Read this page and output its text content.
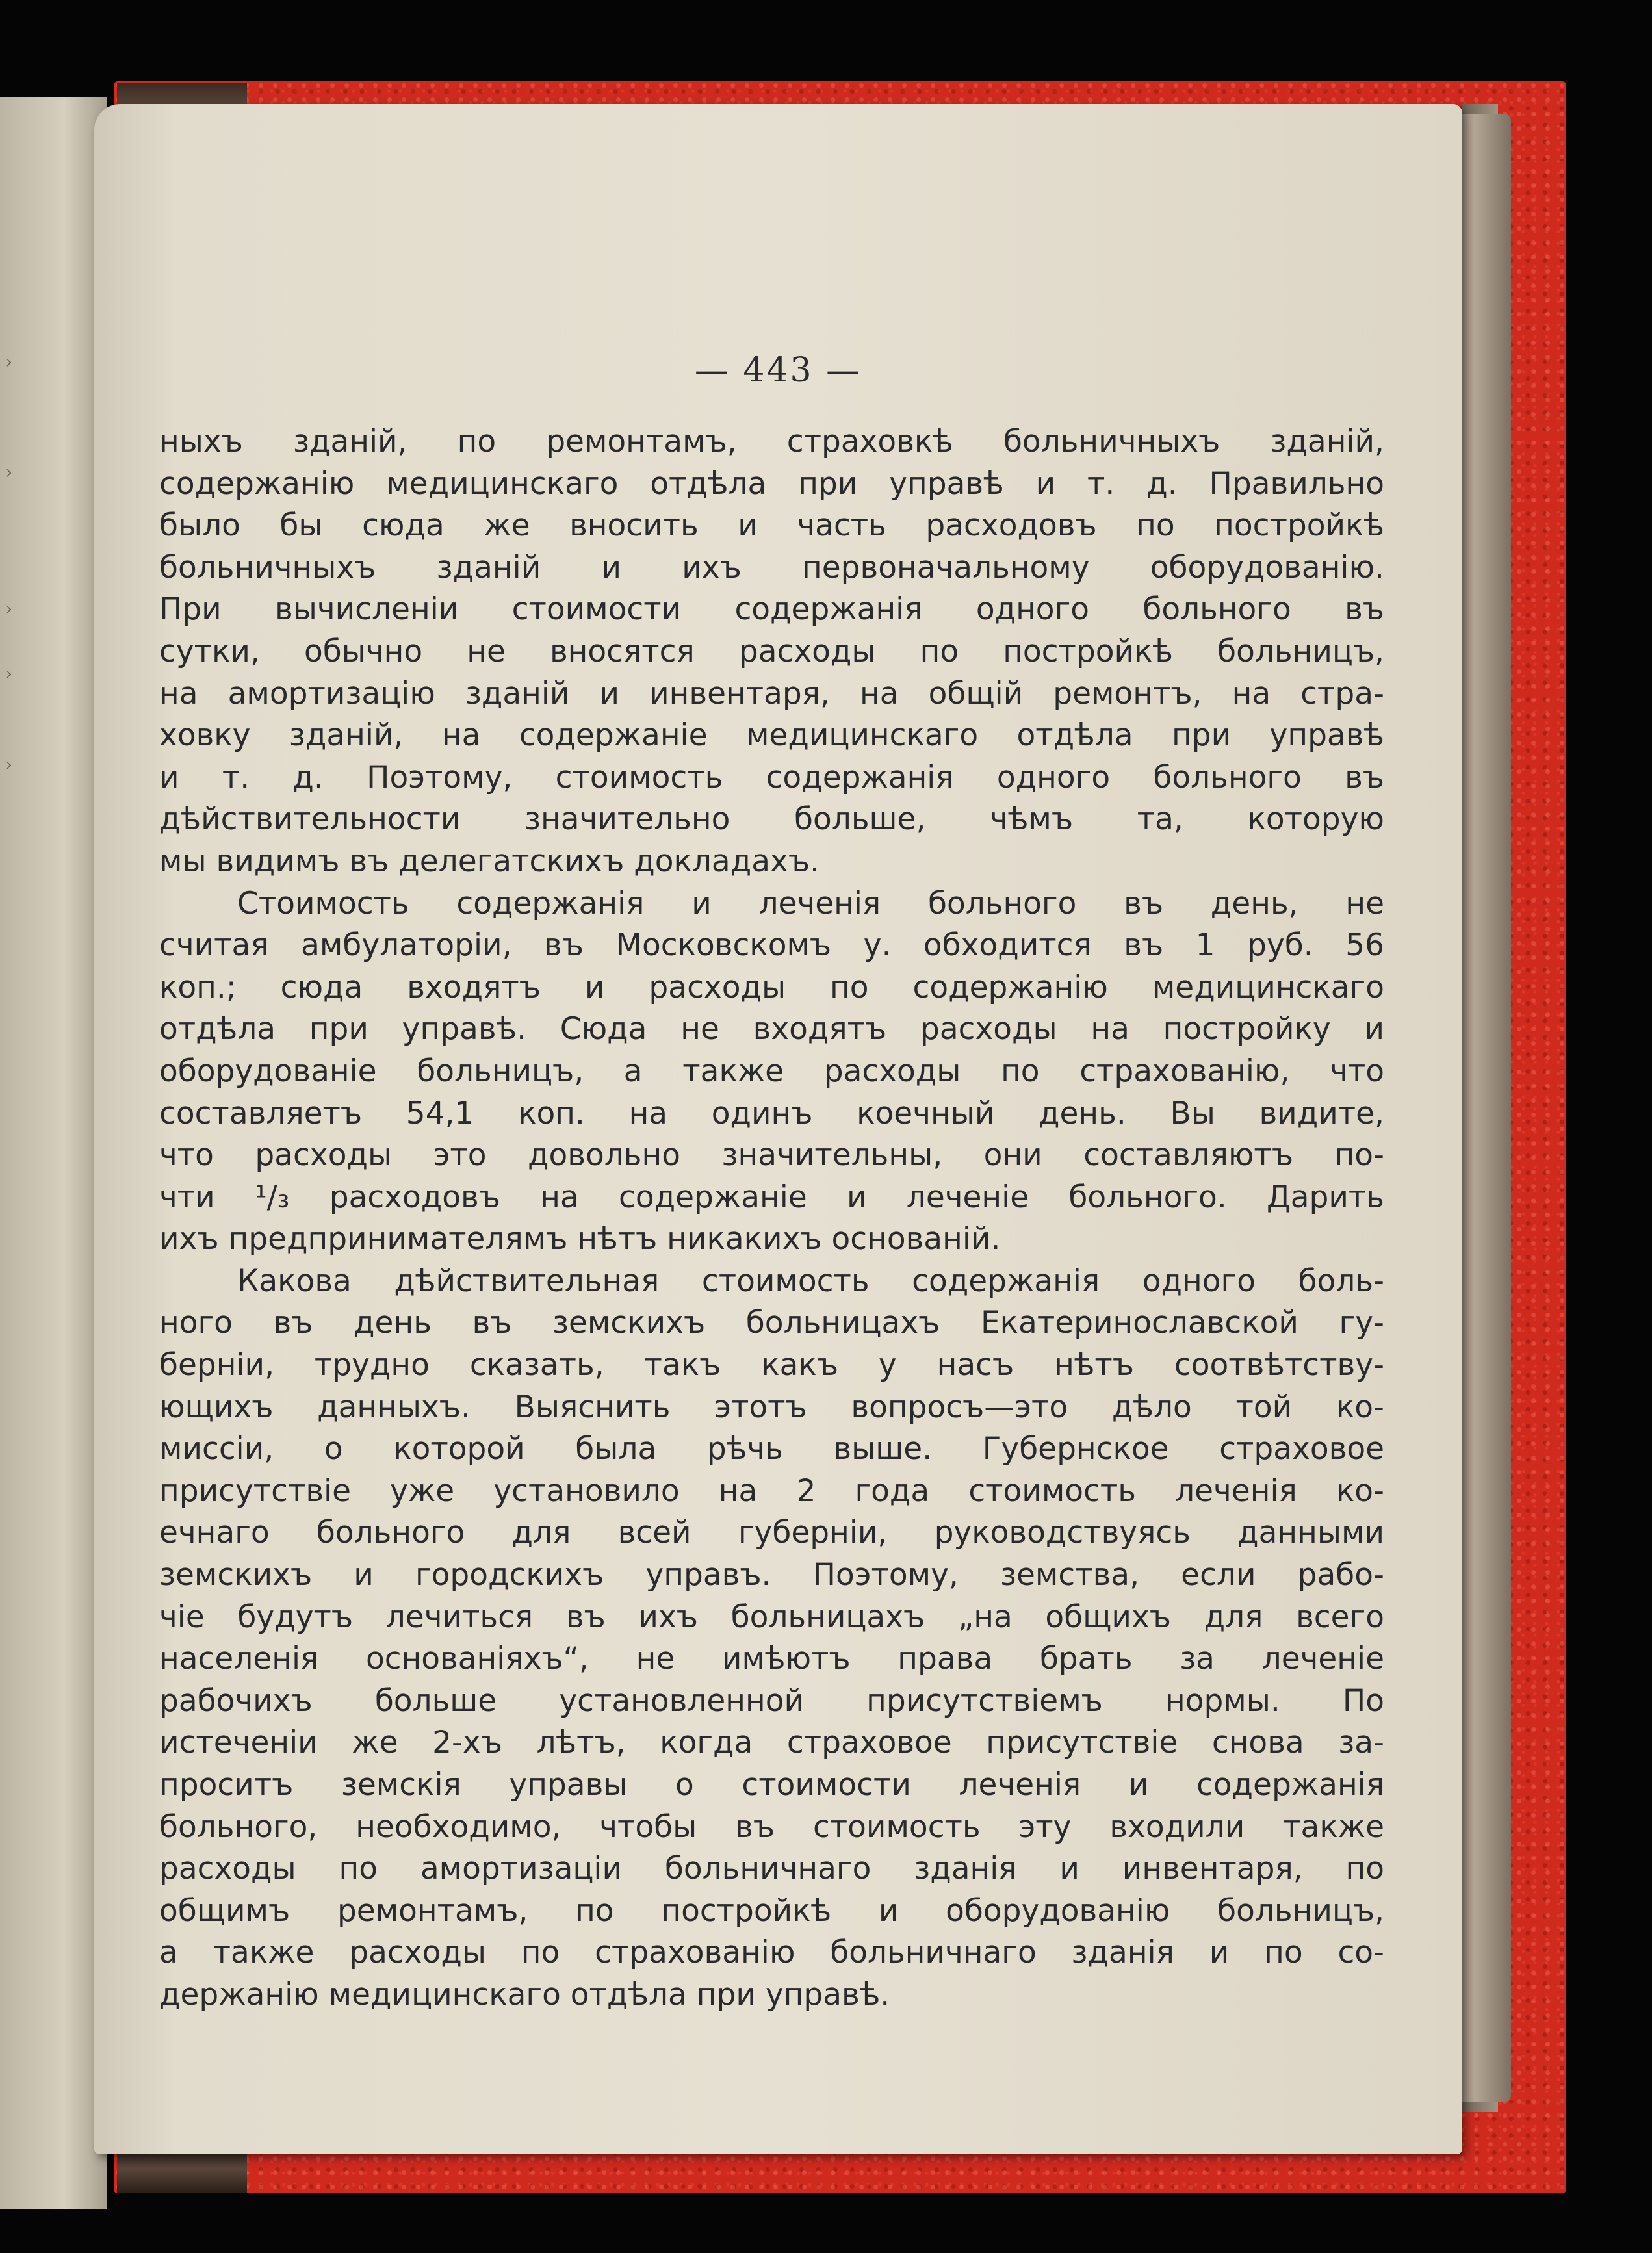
›
›
›
›
›
— 443 —
ныхъ зданій, по ремонтамъ, страховкѣ больничныхъ зданій,
содержанію медицинскаго отдѣла при управѣ и т. д. Правильно
было бы сюда же вносить и часть расходовъ по постройкѣ
больничныхъ зданій и ихъ первоначальному оборудованію.
При вычисленіи стоимости содержанія одного больного въ
сутки, обычно не вносятся расходы по постройкѣ больницъ,
на амортизацію зданій и инвентаря, на общій ремонтъ, на стра-
ховку зданій, на содержаніе медицинскаго отдѣла при управѣ
и т. д. Поэтому, стоимость содержанія одного больного въ
дѣйствительности значительно больше, чѣмъ та, которую
мы видимъ въ делегатскихъ докладахъ.
Стоимость содержанія и леченія больного въ день, не
считая амбулаторіи, въ Московскомъ у. обходится въ 1 руб. 56
коп.; сюда входятъ и расходы по содержанію медицинскаго
отдѣла при управѣ. Сюда не входятъ расходы на постройку и
оборудованіе больницъ, а также расходы по страхованію, что
составляетъ 54,1 коп. на одинъ коечный день. Вы видите,
что расходы это довольно значительны, они составляютъ по-
чти ¹/₃ расходовъ на содержаніе и леченіе больного. Дарить
ихъ предпринимателямъ нѣтъ никакихъ основаній.
Какова дѣйствительная стоимость содержанія одного боль-
ного въ день въ земскихъ больницахъ Екатеринославской гу-
берніи, трудно сказать, такъ какъ у насъ нѣтъ соотвѣтству-
ющихъ данныхъ. Выяснить этотъ вопросъ—это дѣло той ко-
миссіи, о которой была рѣчь выше. Губернское страховое
присутствіе уже установило на 2 года стоимость леченія ко-
ечнаго больного для всей губерніи, руководствуясь данными
земскихъ и городскихъ управъ. Поэтому, земства, если рабо-
чіе будутъ лечиться въ ихъ больницахъ „на общихъ для всего
населенія основаніяхъ“, не имѣютъ права брать за леченіе
рабочихъ больше установленной присутствіемъ нормы. По
истеченіи же 2-хъ лѣтъ, когда страховое присутствіе снова за-
проситъ земскія управы о стоимости леченія и содержанія
больного, необходимо, чтобы въ стоимость эту входили также
расходы по амортизаціи больничнаго зданія и инвентаря, по
общимъ ремонтамъ, по постройкѣ и оборудованію больницъ,
а также расходы по страхованію больничнаго зданія и по со-
держанію медицинскаго отдѣла при управѣ.
